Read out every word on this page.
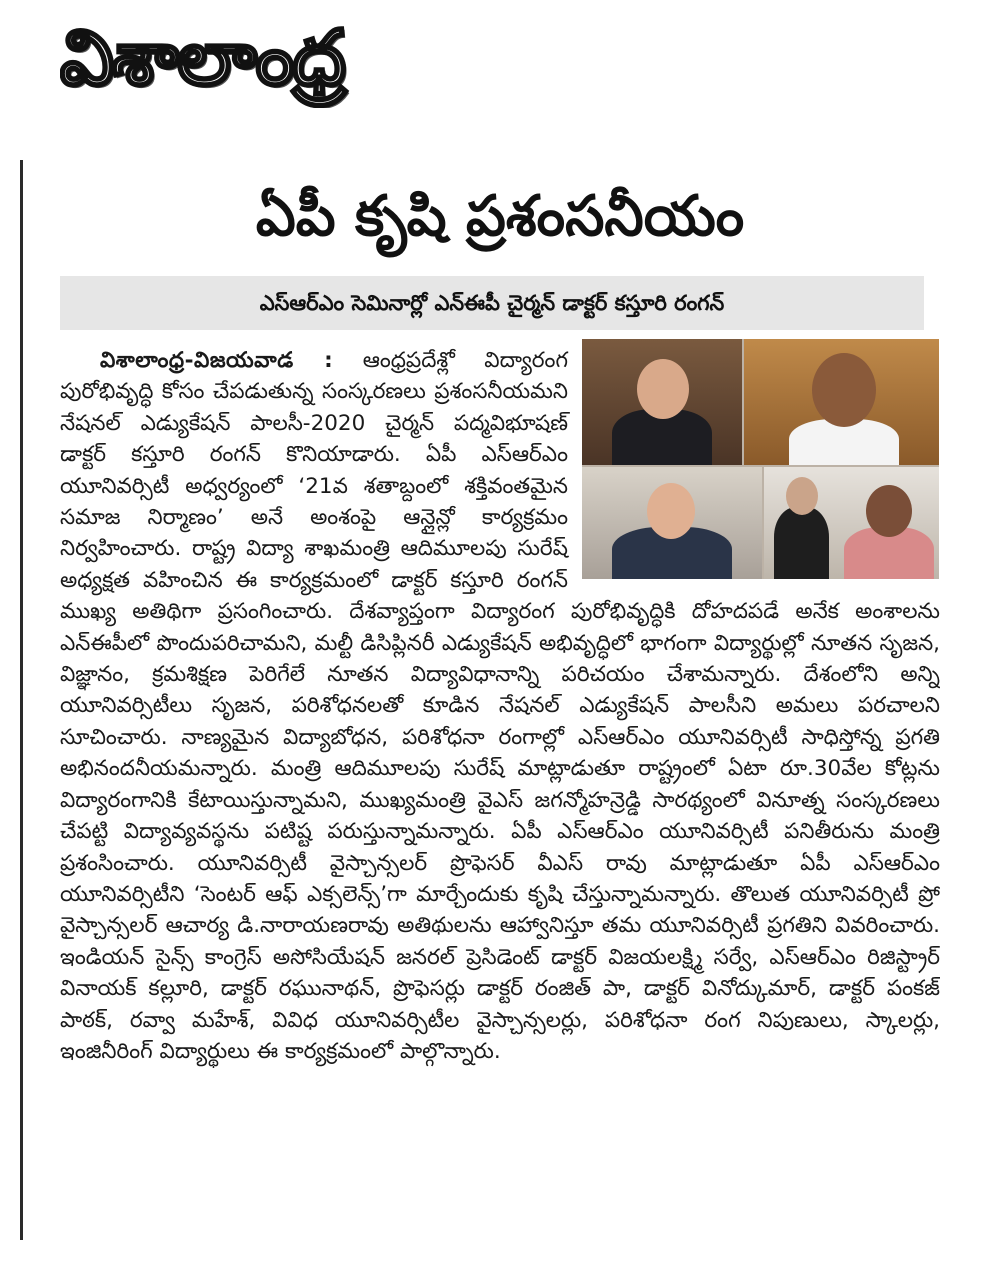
విశాలాంధ్ర
ఏపీ కృషి ప్రశంసనీయం
ఎస్ఆర్ఎం సెమినార్లో ఎన్ఈపీ చైర్మన్ డాక్టర్ కస్తూరి రంగన్
విశాలాంధ్ర-విజయవాడ : ఆంధ్రప్రదేశ్లో విద్యారంగ పురోభివృద్ధి కోసం చేపడుతున్న సంస్కరణలు ప్రశంసనీయమని నేషనల్ ఎడ్యుకేషన్ పాలసీ-2020 చైర్మన్ పద్మవిభూషణ్ డాక్టర్ కస్తూరి రంగన్ కొనియాడారు. ఏపీ ఎస్ఆర్ఎం యూనివర్సిటీ అధ్వర్యంలో ‘21వ శతాబ్దంలో శక్తివంతమైన సమాజ నిర్మాణం’ అనే అంశంపై ఆన్లైన్లో కార్యక్రమం నిర్వహించారు. రాష్ట్ర విద్యా శాఖమంత్రి ఆదిమూలపు సురేష్ అధ్యక్షత వహించిన ఈ కార్యక్రమంలో డాక్టర్ కస్తూరి రంగన్ ముఖ్య అతిథిగా ప్రసంగించారు. దేశవ్యాప్తంగా విద్యారంగ పురోభివృద్ధికి దోహదపడే అనేక అంశాలను ఎన్ఈపీలో పొందుపరిచామని, మల్టీ డిసిప్లినరీ ఎడ్యుకేషన్ అభివృద్ధిలో భాగంగా విద్యార్థుల్లో నూతన సృజన, విజ్ఞానం, క్రమశిక్షణ పెరిగేలే నూతన విద్యావిధానాన్ని పరిచయం చేశామన్నారు. దేశంలోని అన్ని యూనివర్సిటీలు సృజన, పరిశోధనలతో కూడిన నేషనల్ ఎడ్యుకేషన్ పాలసీని అమలు పరచాలని సూచించారు. నాణ్యమైన విద్యాబోధన, పరిశోధనా రంగాల్లో ఎస్ఆర్ఎం యూనివర్సిటీ సాధిస్తోన్న ప్రగతి అభినందనీయమన్నారు. మంత్రి ఆదిమూలపు సురేష్ మాట్లాడుతూ రాష్ట్రంలో ఏటా రూ.30వేల కోట్లను విద్యారంగానికి కేటాయిస్తున్నామని, ముఖ్యమంత్రి వైఎస్ జగన్మోహన్రెడ్డి సారథ్యంలో వినూత్న సంస్కరణలు చేపట్టి విద్యావ్యవస్థను పటిష్ట పరుస్తున్నామన్నారు. ఏపీ ఎస్ఆర్ఎం యూనివర్సిటీ పనితీరును మంత్రి ప్రశంసించారు. యూనివర్సిటీ వైస్చాన్సలర్ ప్రొఫెసర్ వీఎస్ రావు మాట్లాడుతూ ఏపీ ఎస్ఆర్ఎం యూనివర్సిటీని ‘సెంటర్ ఆఫ్ ఎక్సలెన్స్’గా మార్చేందుకు కృషి చేస్తున్నామన్నారు. తొలుత యూనివర్సిటీ ప్రో వైస్చాన్సలర్ ఆచార్య డి.నారాయణరావు అతిథులను ఆహ్వానిస్తూ తమ యూనివర్సిటీ ప్రగతిని వివరించారు. ఇండియన్ సైన్స్ కాంగ్రెస్ అసోసియేషన్ జనరల్ ప్రెసిడెంట్ డాక్టర్ విజయలక్ష్మి సర్వే, ఎస్ఆర్ఎం రిజిస్ట్రార్ వినాయక్ కల్లూరి, డాక్టర్ రఘునాథన్, ప్రొఫెసర్లు డాక్టర్ రంజిత్ పా, డాక్టర్ వినోద్కుమార్, డాక్టర్ పంకజ్ పాఠక్, రవ్వా మహేశ్, వివిధ యూనివర్సిటీల వైస్చాన్సలర్లు, పరిశోధనా రంగ నిపుణులు, స్కాలర్లు, ఇంజినీరింగ్ విద్యార్థులు ఈ కార్యక్రమంలో పాల్గొన్నారు.
